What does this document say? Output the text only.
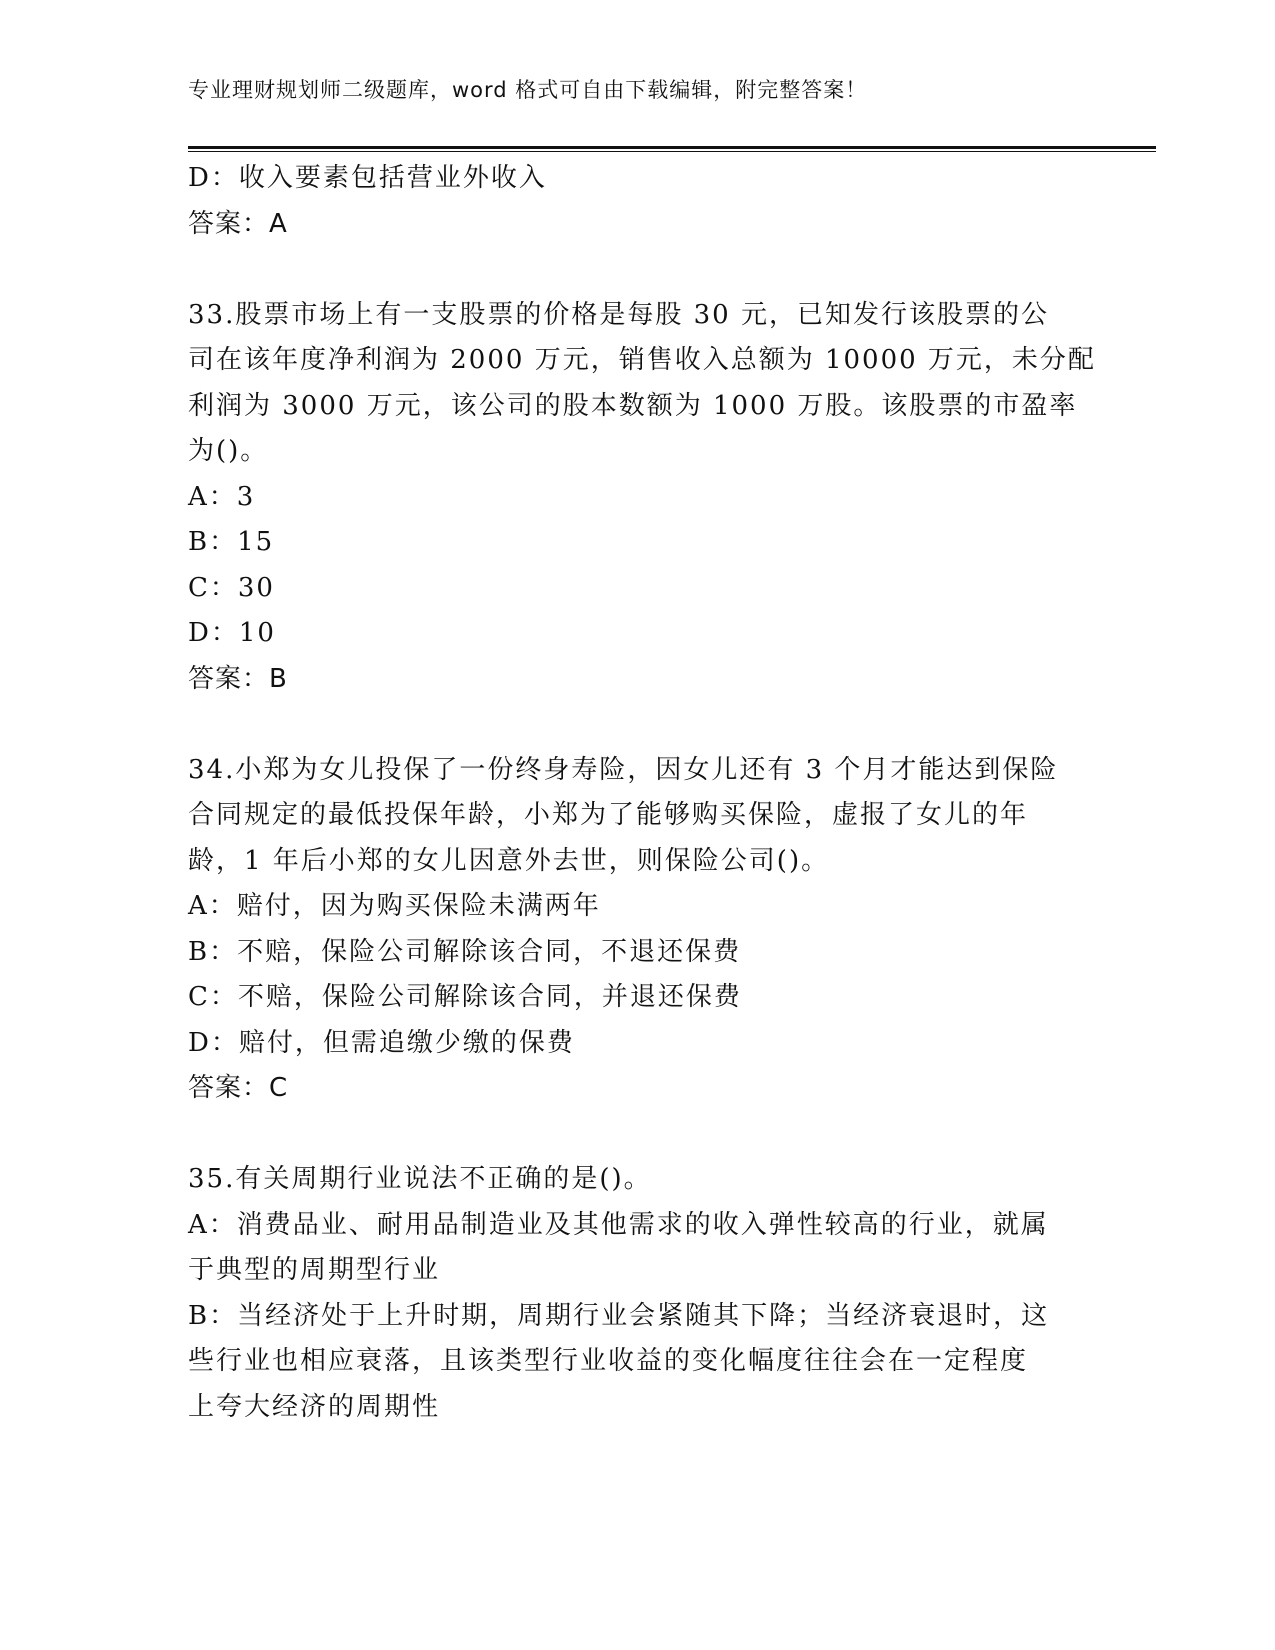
专业理财规划师二级题库，word 格式可自由下载编辑，附完整答案！
D：收入要素包括营业外收入
答案：A
33.股票市场上有一支股票的价格是每股 30 元，已知发行该股票的公
司在该年度净利润为 2000 万元，销售收入总额为 10000 万元，未分配
利润为 3000 万元，该公司的股本数额为 1000 万股。该股票的市盈率
为()。
A：3
B：15
C：30
D：10
答案：B
34.小郑为女儿投保了一份终身寿险，因女儿还有 3 个月才能达到保险
合同规定的最低投保年龄，小郑为了能够购买保险，虚报了女儿的年
龄，1 年后小郑的女儿因意外去世，则保险公司()。
A：赔付，因为购买保险未满两年
B：不赔，保险公司解除该合同，不退还保费
C：不赔，保险公司解除该合同，并退还保费
D：赔付，但需追缴少缴的保费
答案：C
35.有关周期行业说法不正确的是()。
A：消费品业、耐用品制造业及其他需求的收入弹性较高的行业，就属
于典型的周期型行业
B：当经济处于上升时期，周期行业会紧随其下降；当经济衰退时，这
些行业也相应衰落，且该类型行业收益的变化幅度往往会在一定程度
上夸大经济的周期性
